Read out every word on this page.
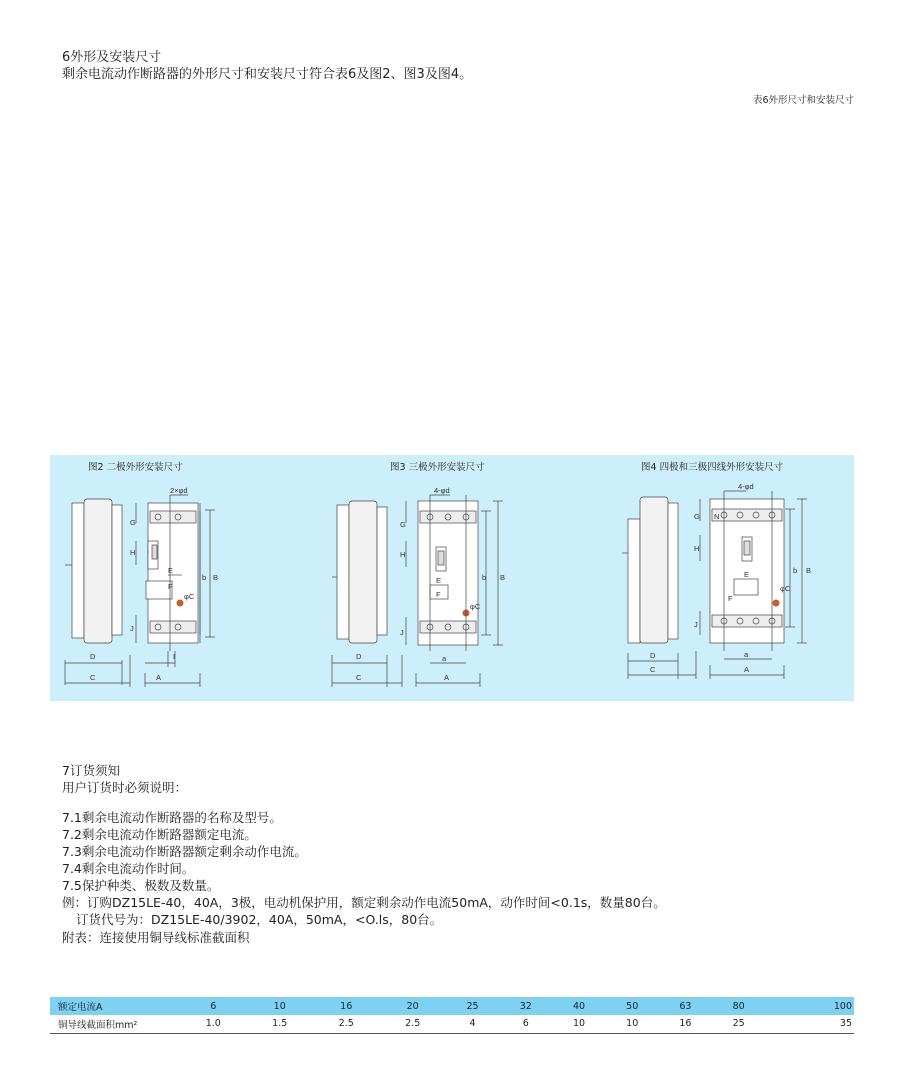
6外形及安装尺寸
剩余电流动作断路器的外形尺寸和安装尺寸符合表6及图2、图3及图4。
表6外形尺寸和安装尺寸
图2 二极外形安装尺寸	图3 三极外形安装尺寸	图4 四极和三极四线外形安装尺寸
2×φd
G
H
J
E
F
φC
b B
D
C
I
A
4-φd
G
H
J
E
F
φC
b B
D
C
a
A
4-φd
G
H
J
E
F
φC
N
b B
D
C
a
A
7订货须知
用户订货时必须说明：
7.1剩余电流动作断路器的名称及型号。
7.2剩余电流动作断路器额定电流。
7.3剩余电流动作断路器额定剩余动作电流。
7.4剩余电流动作时间。
7.5保护种类、极数及数量。
例：订购DZ15LE-40，40A，3极，电动机保护用，额定剩余动作电流50mA，动作时间<0.1s，数量80台。
订货代号为：DZ15LE-40/3902，40A，50mA，<O.ls，80台。
附表：连接使用铜导线标准截面积
额定电流A	6	10	16	20	25	32	40	50	63	80	100
铜导线截面积mm²	1.0	1.5	2.5	2.5	4	6	10	10	16	25	35
